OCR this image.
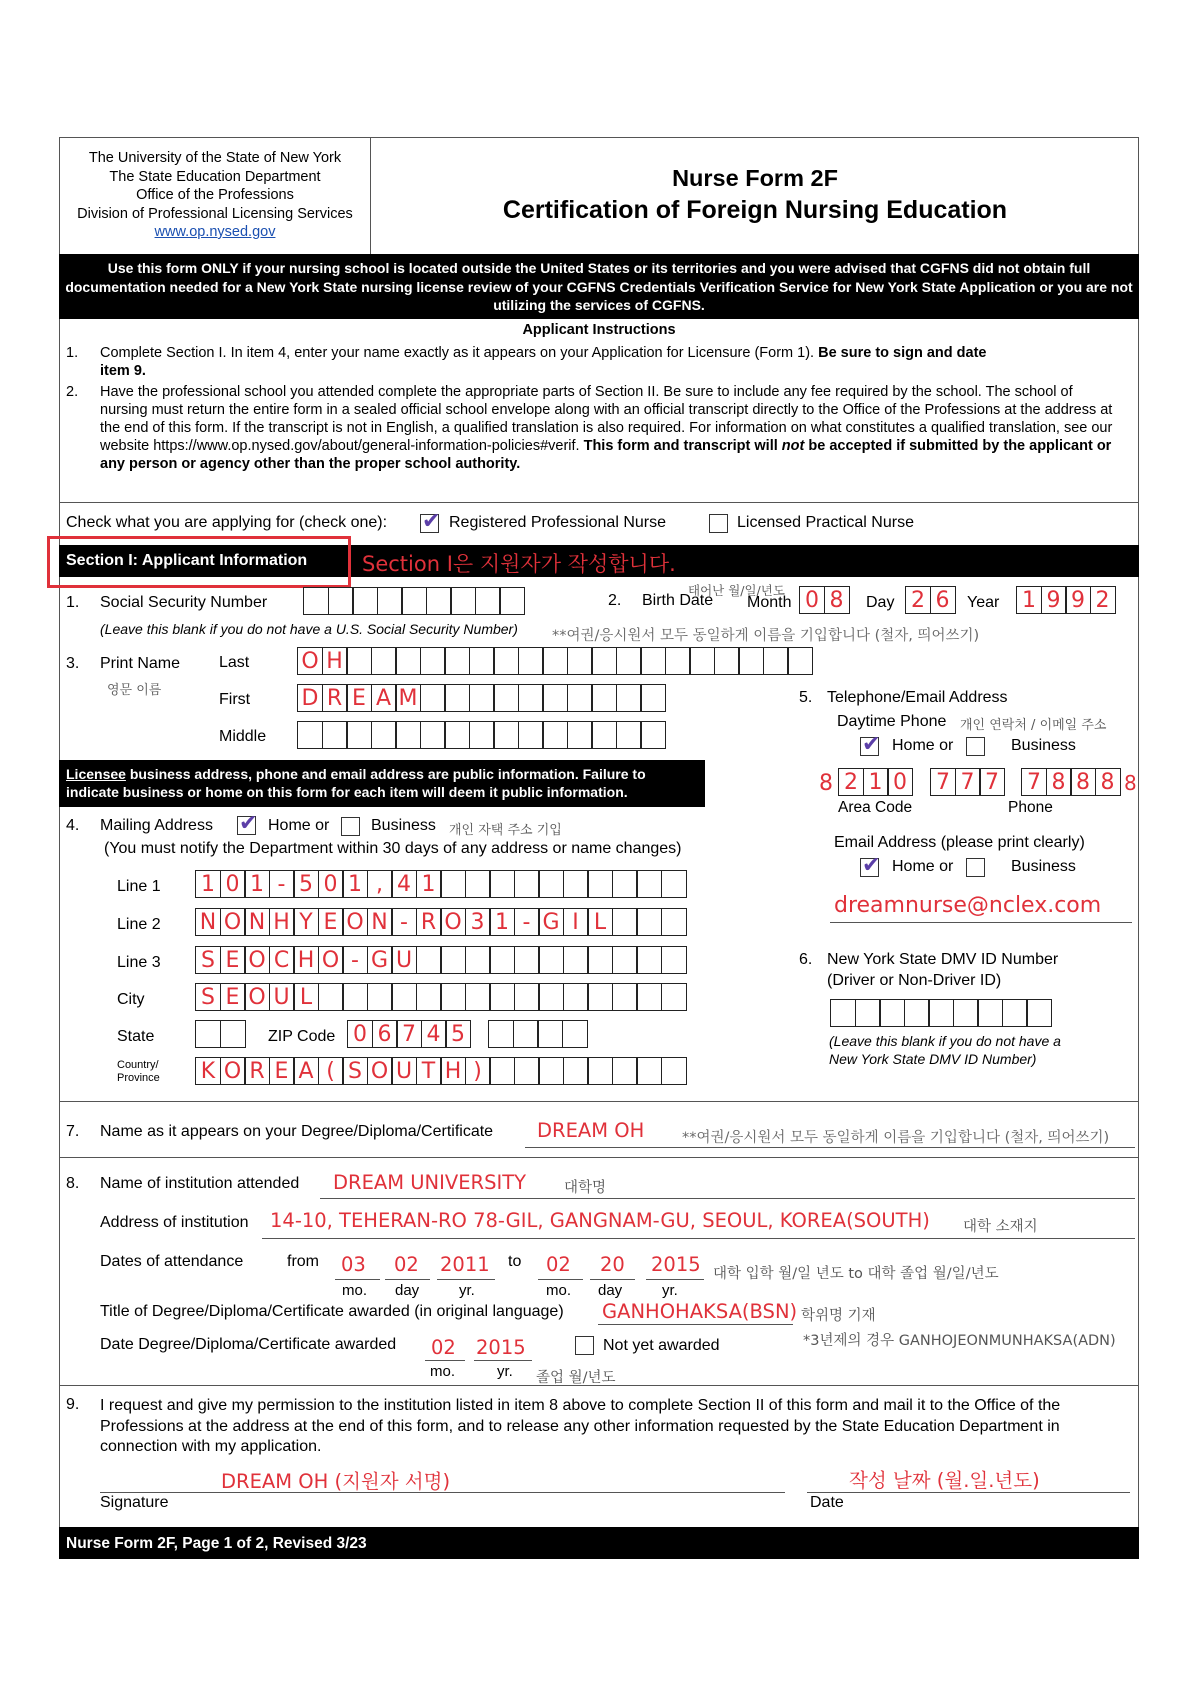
The University of the State of New York
The State Education Department
Office of the Professions
Division of Professional Licensing Services
www.op.nysed.gov
Nurse Form 2F
Certification of Foreign Nursing Education
Use this form ONLY if your nursing school is located outside the United States or its territories and you were advised that CGFNS did not obtain full documentation needed for a New York State nursing license review of your CGFNS Credentials Verification Service for New York State Application or you are not utilizing the services of CGFNS.
Applicant Instructions
1. Complete Section I. In item 4, enter your name exactly as it appears on your Application for Licensure (Form 1). Be sure to sign and date item 9.
2. Have the professional school you attended complete the appropriate parts of Section II. Be sure to include any fee required by the school. The school of nursing must return the entire form in a sealed official school envelope along with an official transcript directly to the Office of the Professions at the address at the end of this form. If the transcript is not in English, a qualified translation is also required. For information on what constitutes a qualified translation, see our website https://www.op.nysed.gov/about/general-information-policies#verif. This form and transcript will not be accepted if submitted by the applicant or any person or agency other than the proper school authority.
Check what you are applying for (check one): ✔ Registered Professional Nurse	Licensed Practical Nurse
Section I: Applicant Information	Section Ⅰ은 지원자가 작성합니다.
1. Social Security Number
(Leave this blank if you do not have a U.S. Social Security Number) **여권/응시원서 모두 동일하게 이름을 기입합니다 (철자, 띄어쓰기)
태어난 월/일/년도
2. Birth Date Month 0 8	Day 2 6	Year 1 9 9 2
3. Print Name
영문 이름
Last O H
First D R E A M
Middle
5. Telephone/Email Address
Daytime Phone 개인 연락처 / 이메일 주소
✔ Home or	Business
8 2 1 0 7 7 7 7 8 8 8 8
Area Code	Phone
Email Address (please print clearly)
✔ Home or	Business
dreamnurse@nclex.com
Licensee business address, phone and email address are public information. Failure to indicate business or home on this form for each item will deem it public information.
4. Mailing Address ✔ Home or	Business 개인 자택 주소 기입
(You must notify the Department within 30 days of any address or name changes)
Line 1 1 0 1 - 5 0 1 , 4 1
Line 2 N O N H Y E O N - R O 3 1 - G I L
Line 3 S E O C H O - G U
City	S E O U L
State	ZIP Code 0 6 7 4 5
Country/
Province K O R E A ( S O U T H )
6. New York State DMV ID Number
(Driver or Non-Driver ID)
(Leave this blank if you do not have a
New York State DMV ID Number)
7. Name as it appears on your Degree/Diploma/Certificate DREAM OH	**여권/응시원서 모두 동일하게 이름을 기입합니다 (철자, 띄어쓰기)
8. Name of institution attended DREAM UNIVERSITY	대학명
Address of institution 14-10, TEHERAN-RO 78-GIL, GANGNAM-GU, SEOUL, KOREA(SOUTH) 대학 소재지
Dates of attendance	from 03 02 2011 to 02 20 2015 대학 입학 월/일 년도 to 대학 졸업 월/일/년도
mo. day	yr.	mo. day	yr.
Title of Degree/Diploma/Certificate awarded (in original language) GANHOHAKSA(BSN) 학위명 기재
*3년제의 경우 GANHOJEONMUNHAKSA(ADN)
Date Degree/Diploma/Certificate awarded 02 2015
mo.	yr. 졸업 월/년도
Not yet awarded
9. I request and give my permission to the institution listed in item 8 above to complete Section II of this form and mail it to the Office of the Professions at the address at the end of this form, and to release any other information requested by the State Education Department in connection with my application.
DREAM OH (지원자 서명)
Signature
작성 날짜 (월.일.년도)
Date
Nurse Form 2F, Page 1 of 2, Revised 3/23
